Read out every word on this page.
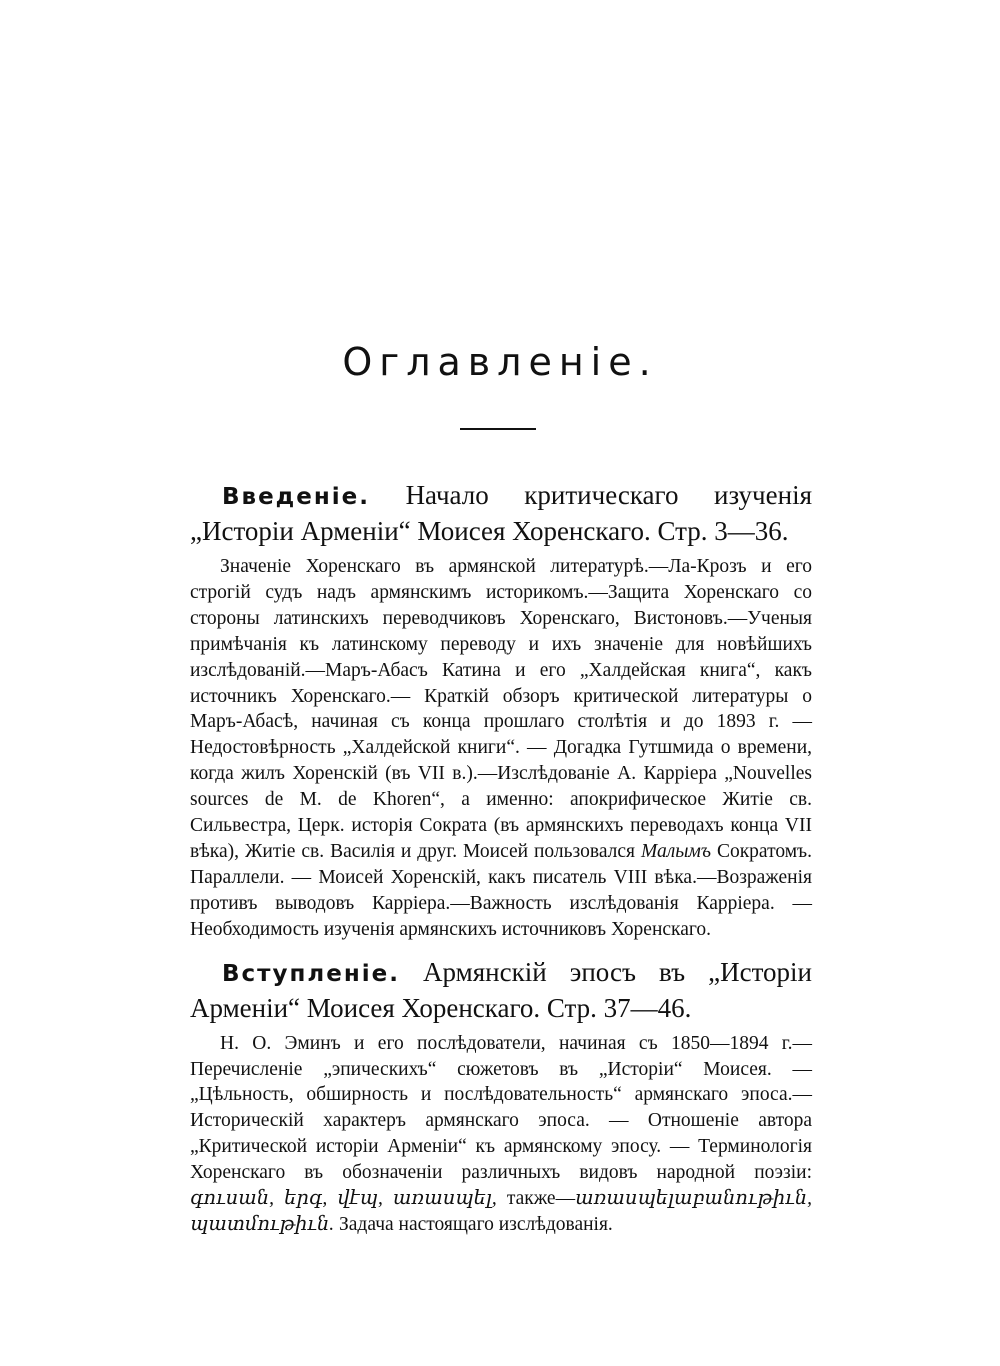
Оглавленіе.

Введеніе. Начало критическаго изученія „Исторіи Арменіи“ Моисея Хоренскаго. Стр. 3—36.

Значеніе Хоренскаго въ армянской литературѣ.—Ла-Крозъ и его строгій судъ надъ армянскимъ историкомъ.—Защита Хоренскаго со стороны латинскихъ переводчиковъ Хоренскаго, Вистоновъ.—Ученыя примѣчанія къ латинскому переводу и ихъ значеніе для новѣйшихъ изслѣдованій.—Маръ-Абасъ Катина и его „Халдейская книга“, какъ источникъ Хоренскаго.— Краткій обзоръ критической литературы о Маръ-Абасѣ, начиная съ конца прошлаго столѣтія и до 1893 г. — Недостовѣрность „Халдейской книги“. — Догадка Гутшмида о времени, когда жилъ Хоренскій (въ VII в.).—Изслѣдованіе А. Карріера „Nouvelles sources de M. de Khoren“, а именно: апокрифическое Житіе св. Сильвестра, Церк. исторія Сократа (въ армянскихъ переводахъ конца VII вѣка), Житіе св. Василія и друг. Моисей пользовался Малымъ Сократомъ. Параллели. — Моисей Хоренскій, какъ писатель VIII вѣка.—Возраженія противъ выводовъ Карріера.—Важность изслѣдованія Карріера. — Необходимость изученія армянскихъ источниковъ Хоренскаго.

Вступленіе. Армянскій эпосъ въ „Исторіи Арменіи“ Моисея Хоренскаго. Стр. 37—46.

Н. О. Эминъ и его послѣдователи, начиная съ 1850—1894 г.— Перечисленіе „эпическихъ“ сюжетовъ въ „Исторіи“ Моисея. — „Цѣльность, обширность и послѣдовательность“ армянскаго эпоса.— Историческій характеръ армянскаго эпоса. — Отношеніе автора „Критической исторіи Арменіи“ къ армянскому эпосу. — Терминологія Хоренскаго въ обозначеніи различныхъ видовъ народной поэзіи: գուսան, երգ, վէպ, առասպել, также—առասպելաբանութիւն, պատմութիւն. Задача настоящаго изслѣдованія.
